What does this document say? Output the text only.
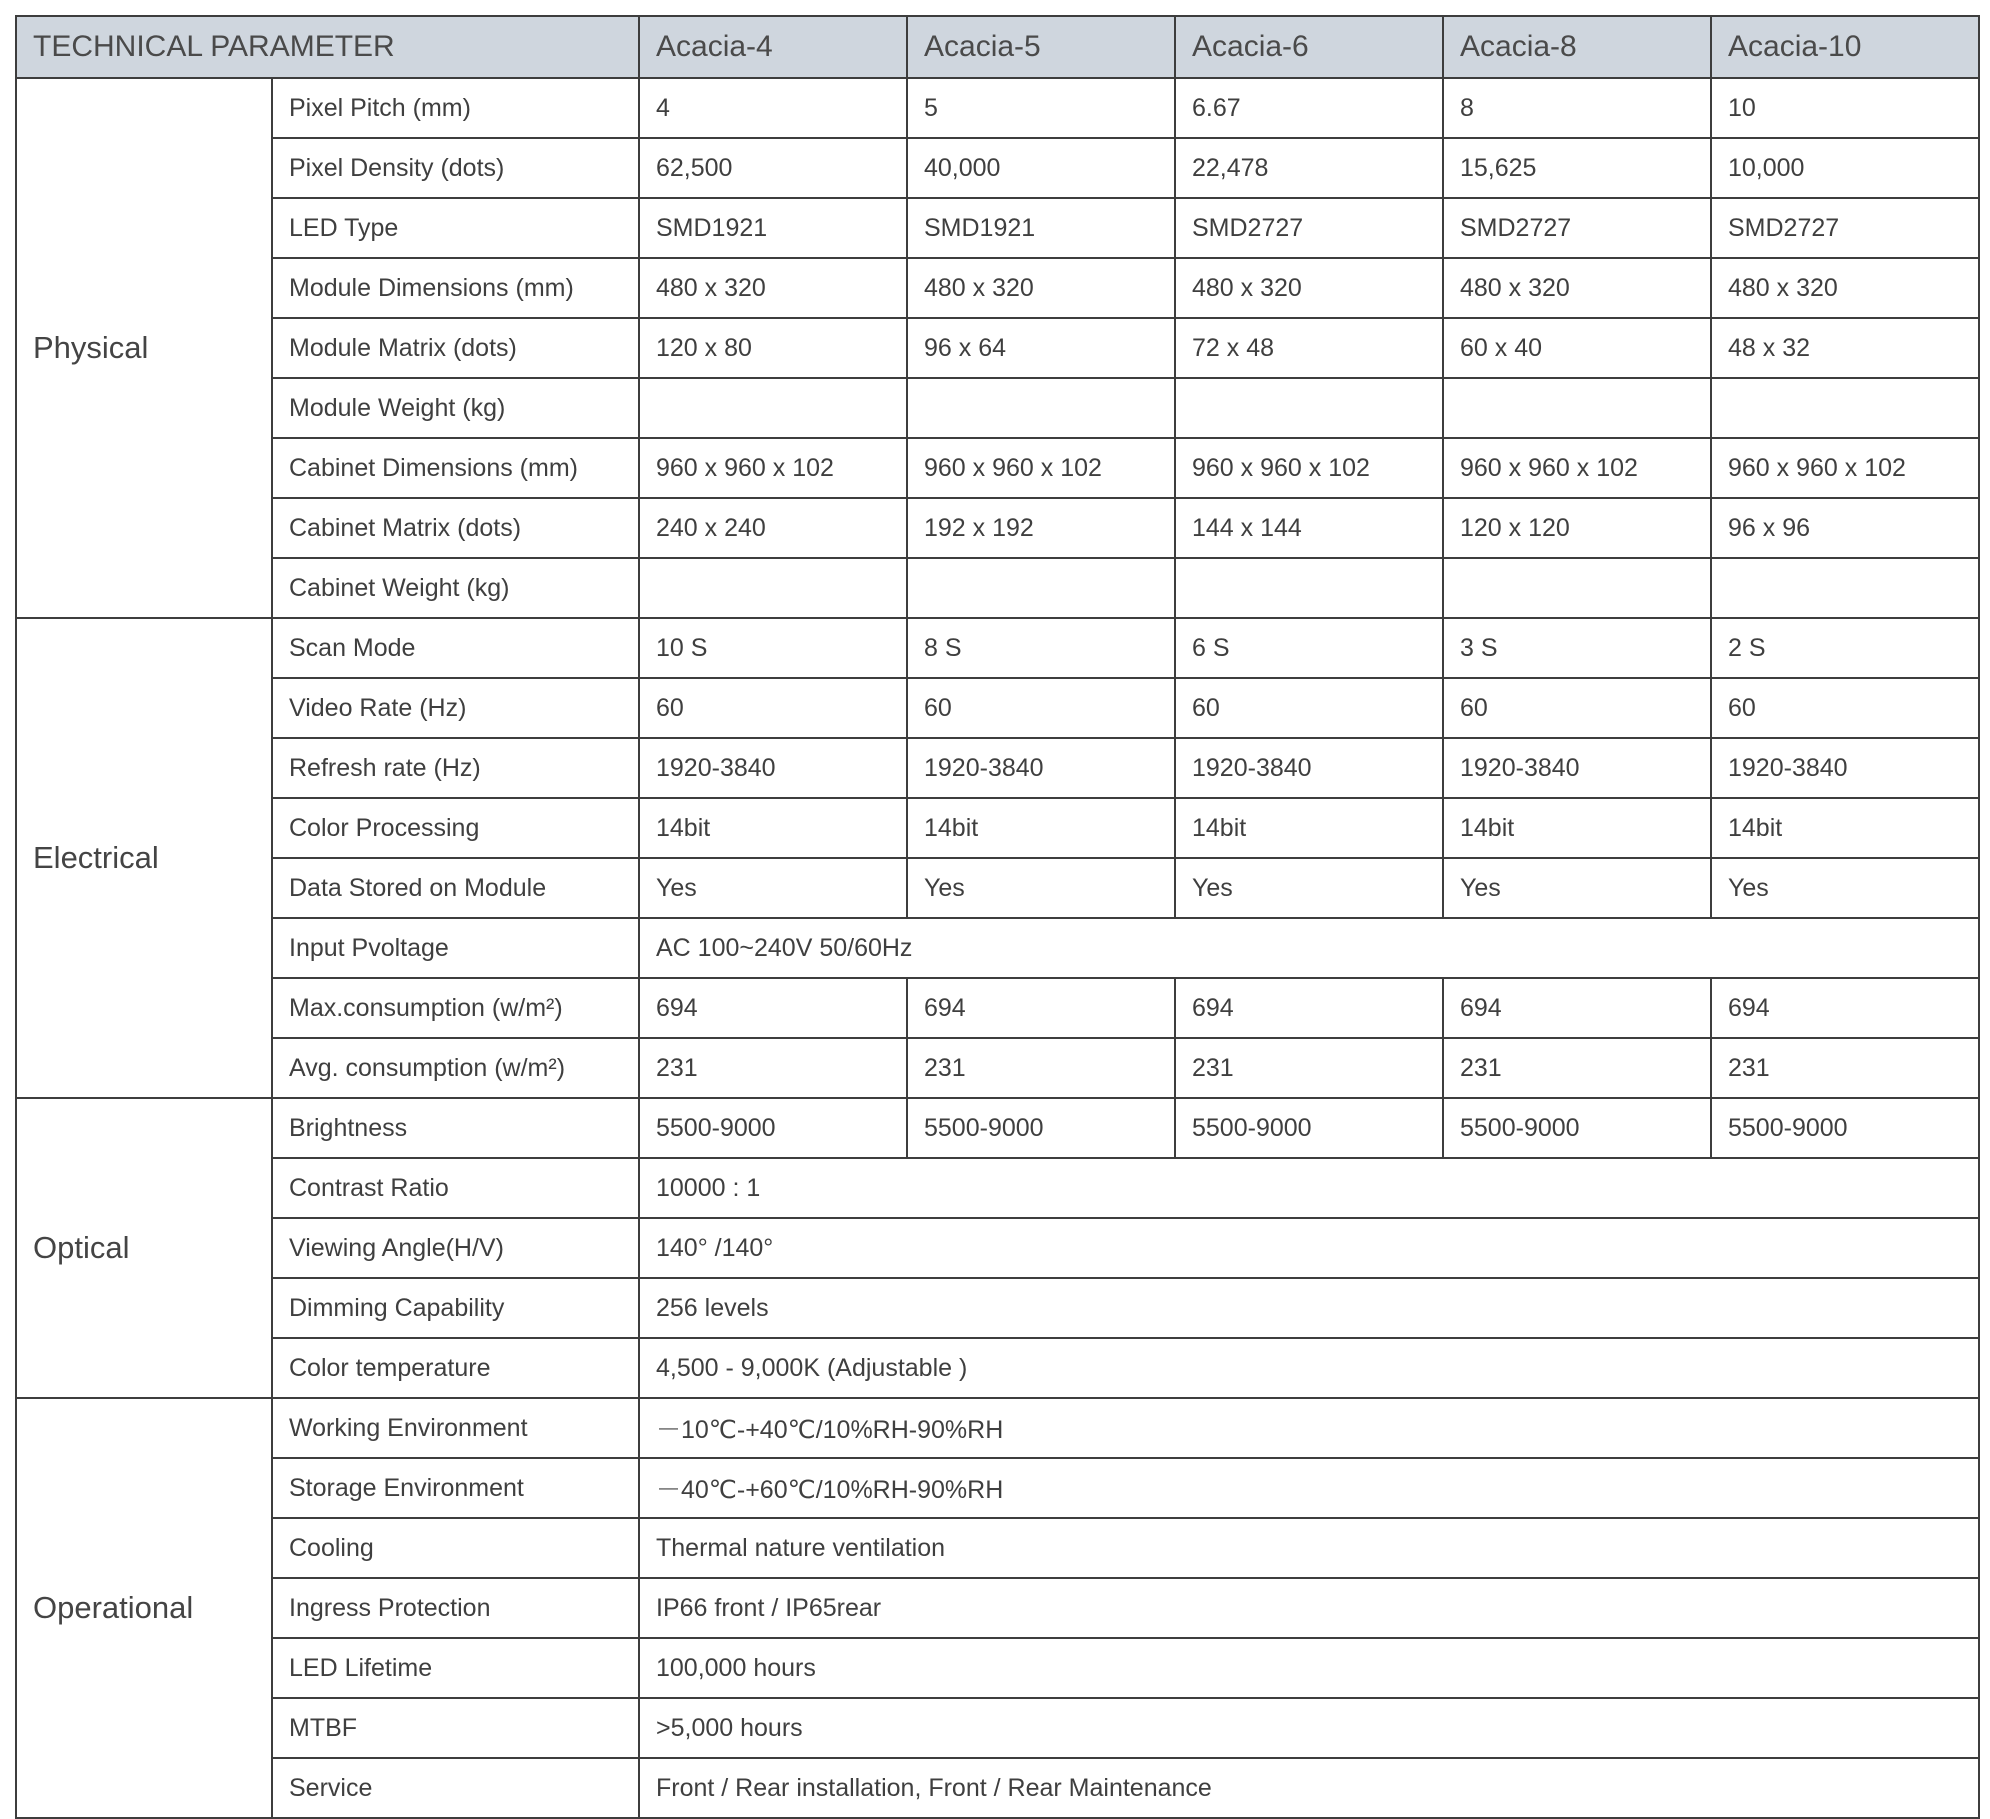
TECHNICAL PARAMETER		Acacia-4	Acacia-5	Acacia-6	Acacia-8	Acacia-10
Physical	Pixel Pitch (mm)	4	5	6.67	8	10
	Pixel Density (dots)	62,500	40,000	22,478	15,625	10,000
	LED Type	SMD1921	SMD1921	SMD2727	SMD2727	SMD2727
	Module Dimensions (mm)	480 x 320	480 x 320	480 x 320	480 x 320	480 x 320
	Module Matrix (dots)	120 x 80	96 x 64	72 x 48	60 x 40	48 x 32
	Module Weight (kg)					
	Cabinet Dimensions (mm)	960 x 960 x 102	960 x 960 x 102	960 x 960 x 102	960 x 960 x 102	960 x 960 x 102
	Cabinet Matrix (dots)	240 x 240	192 x 192	144 x 144	120 x 120	96 x 96
	Cabinet Weight (kg)					
Electrical	Scan Mode	10 S	8 S	6 S	3 S	2 S
	Video Rate (Hz)	60	60	60	60	60
	Refresh rate (Hz)	1920-3840	1920-3840	1920-3840	1920-3840	1920-3840
	Color Processing	14bit	14bit	14bit	14bit	14bit
	Data Stored on Module	Yes	Yes	Yes	Yes	Yes
	Input Pvoltage	AC 100~240V 50/60Hz				
	Max.consumption (w/m²)	694	694	694	694	694
	Avg. consumption (w/m²)	231	231	231	231	231
Optical	Brightness	5500-9000	5500-9000	5500-9000	5500-9000	5500-9000
	Contrast Ratio	10000 : 1				
	Viewing Angle(H/V)	140° /140°				
	Dimming Capability	256 levels				
	Color temperature	4,500 - 9,000K (Adjustable )				
Operational	Working Environment	－10℃-+40℃/10%RH-90%RH				
	Storage Environment	－40℃-+60℃/10%RH-90%RH				
	Cooling	Thermal nature ventilation				
	Ingress Protection	IP66 front / IP65rear				
	LED Lifetime	100,000 hours				
	MTBF	>5,000 hours				
	Service	Front / Rear installation, Front / Rear Maintenance				
